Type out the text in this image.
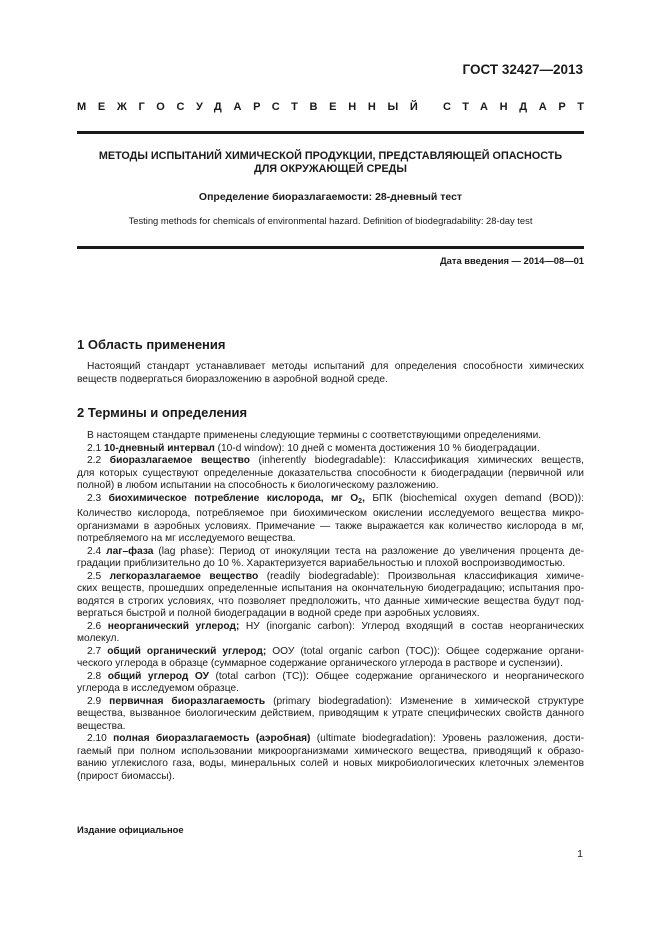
ГОСТ 32427—2013
МЕЖГОСУДАРСТВЕННЫЙ СТАНДАРТ
МЕТОДЫ ИСПЫТАНИЙ ХИМИЧЕСКОЙ ПРОДУКЦИИ, ПРЕДСТАВЛЯЮЩЕЙ ОПАСНОСТЬ
ДЛЯ ОКРУЖАЮЩЕЙ СРЕДЫ
Определение биоразлагаемости: 28-дневный тест
Testing methods for chemicals of environmental hazard. Definition of biodegradability: 28-day test
Дата введения — 2014—08—01
1 Область применения
Настоящий стандарт устанавливает методы испытаний для определения способности химических
веществ подвергаться биоразложению в аэробной водной среде.
2 Термины и определения
В настоящем стандарте применены следующие термины с соответствующими определениями.
2.1 10-дневный интервал (10-d window): 10 дней с момента достижения 10 % биодеградации.
2.2 биоразлагаемое вещество (inherently biodegradable): Классификация химических веществ,
для которых существуют определенные доказательства способности к биодеградации (первичной или
полной) в любом испытании на способность к биологическому разложению.
2.3 биохимическое потребление кислорода, мг $О_2$, БПК (biochemical oxygen demand (BOD)):
Количество кислорода, потребляемое при биохимическом окислении исследуемого вещества микро-
организмами в аэробных условиях. Примечание — также выражается как количество кислорода в мг,
потребляемого на мг исследуемого вещества.
2.4 лаг–фаза (lag phase): Период от инокуляции теста на разложение до увеличения процента де-
градации приблизительно до 10 %. Характеризуется вариабельностью и плохой воспроизводимостью.
2.5 легкоразлагаемое вещество (readily biodegradable): Произвольная классификация химиче-
ских веществ, прошедших определенные испытания на окончательную биодеградацию; испытания про-
водятся в строгих условиях, что позволяет предположить, что данные химические вещества будут под-
вергаться быстрой и полной биодеградации в водной среде при аэробных условиях.
2.6 неорганический углерод; НУ (inorganic carbon): Углерод входящий в состав неорганических
молекул.
2.7 общий органический углерод; ООУ (total organic carbon (TOC)): Общее содержание органи-
ческого углерода в образце (суммарное содержание органического углерода в растворе и суспензии).
2.8 общий углерод ОУ (total carbon (TC)): Общее содержание органического и неорганического
углерода в исследуемом образце.
2.9 первичная биоразлагаемость (primary biodegradation): Изменение в химической структуре
вещества, вызванное биологическим действием, приводящим к утрате специфических свойств данного
вещества.
2.10 полная биоразлагаемость (аэробная) (ultimate biodegradation): Уровень разложения, дости-
гаемый при полном использовании микроорганизмами химического вещества, приводящий к образо-
ванию углекислого газа, воды, минеральных солей и новых микробиологических клеточных элементов
(прирост биомассы).
Издание официальное
1
